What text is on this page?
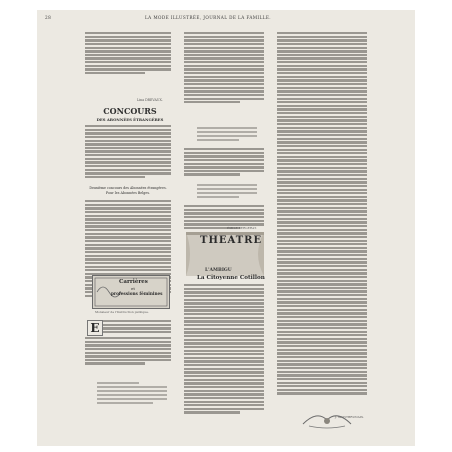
28	LA MODE ILLUSTRÉE, JOURNAL DE LA FAMILLE.
Lina DREVAUX.
CONCOURS
DES ABONNÉES ÉTRANGÈRES
Deuxième concours des Abonnées étrangères.
Pour les Abonnées Belges.
Carrières
et
professions féminines
Monsieur de l'Instruction publique.
E
ÉMILE BERGERAT.
THEATRE
L'AMBIGU
La Citoyenne Cotillon
J. MONTBRUNAIS.
